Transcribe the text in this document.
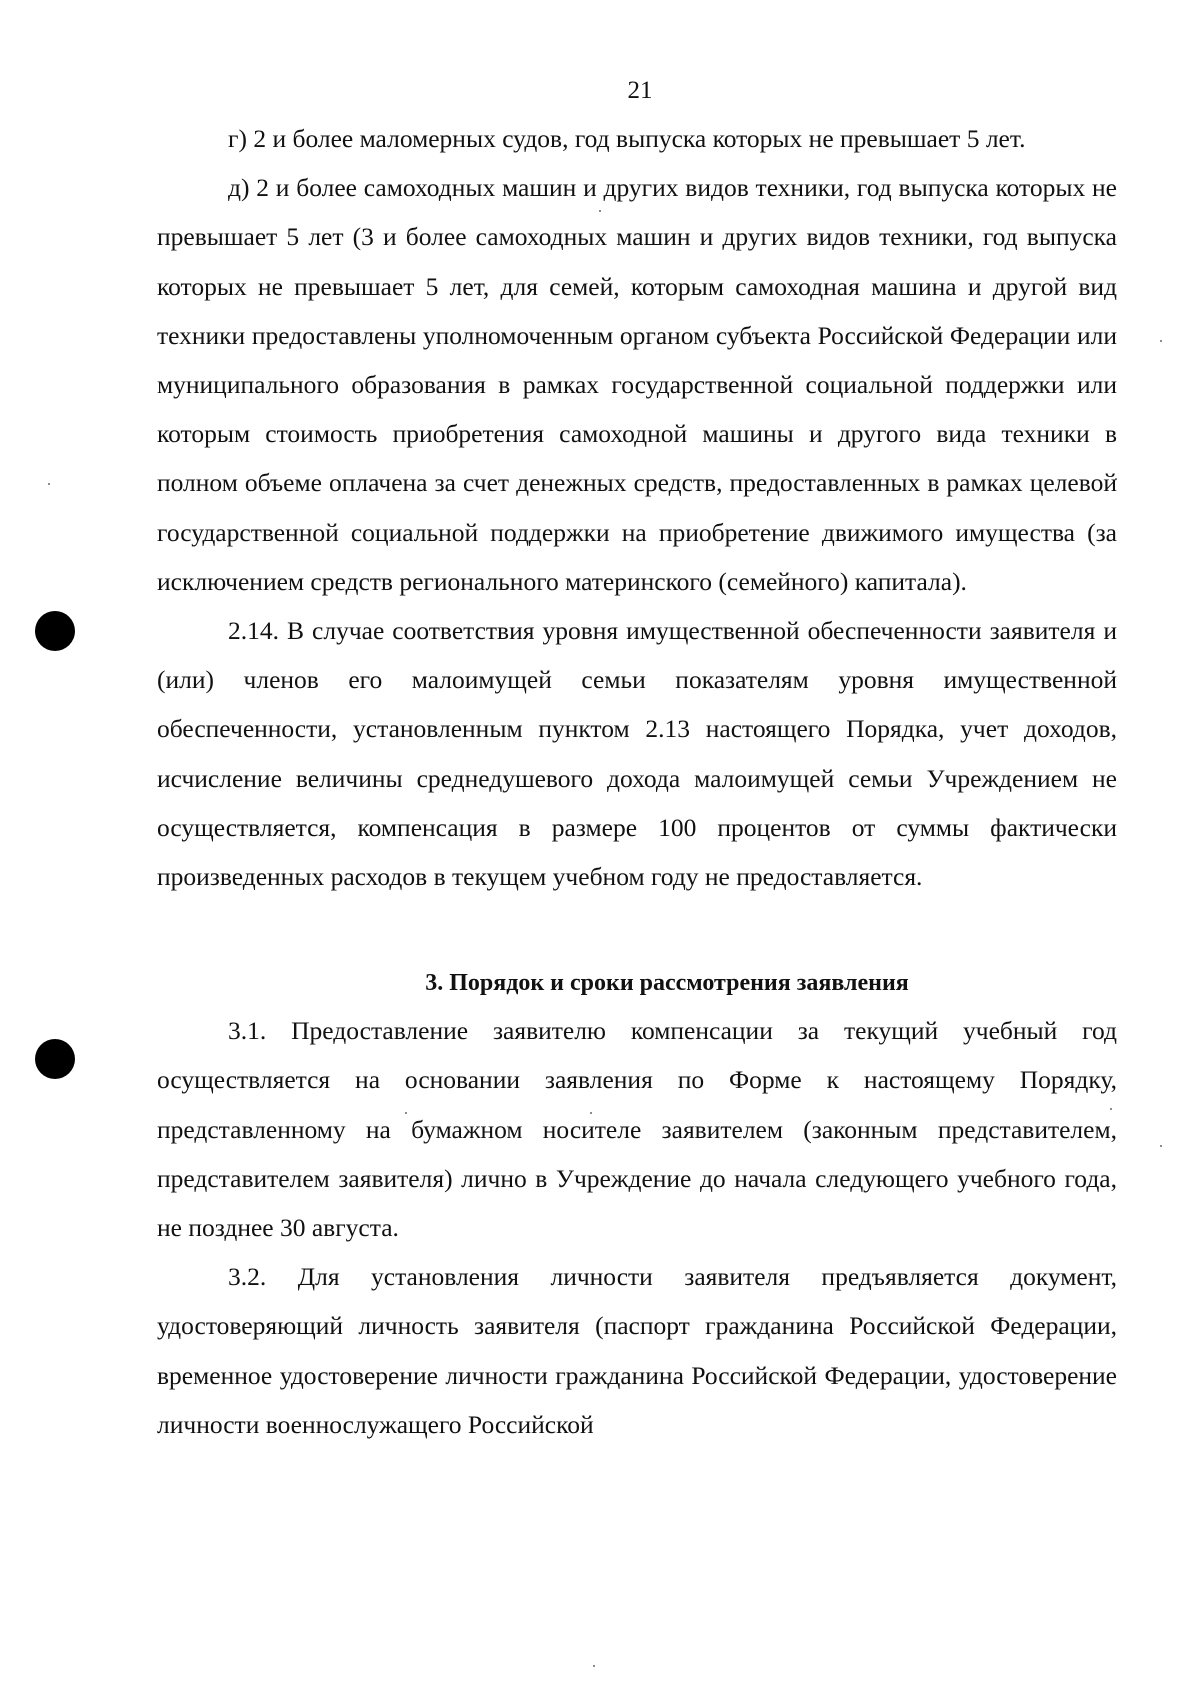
21

г) 2 и более маломерных судов, год выпуска которых не превышает 5 лет.

д) 2 и более самоходных машин и других видов техники, год выпуска которых не превышает 5 лет (3 и более самоходных машин и других видов техники, год выпуска которых не превышает 5 лет, для семей, которым самоходная машина и другой вид техники предоставлены уполномоченным органом субъекта Российской Федерации или муниципального образования в рамках государственной социальной поддержки или которым стоимость приобретения самоходной машины и другого вида техники в полном объеме оплачена за счет денежных средств, предоставленных в рамках целевой государственной социальной поддержки на приобретение движимого имущества (за исключением средств регионального материнского (семейного) капитала).

2.14. В случае соответствия уровня имущественной обеспеченности заявителя и (или) членов его малоимущей семьи показателям уровня имущественной обеспеченности, установленным пунктом 2.13 настоящего Порядка, учет доходов, исчисление величины среднедушевого дохода малоимущей семьи Учреждением не осуществляется, компенсация в размере 100 процентов от суммы фактически произведенных расходов в текущем учебном году не предоставляется.

3. Порядок и сроки рассмотрения заявления

3.1. Предоставление заявителю компенсации за текущий учебный год осуществляется на основании заявления по Форме к настоящему Порядку, представленному на бумажном носителе заявителем (законным представителем, представителем заявителя) лично в Учреждение до начала следующего учебного года, не позднее 30 августа.

3.2. Для установления личности заявителя предъявляется документ, удостоверяющий личность заявителя (паспорт гражданина Российской Федерации, временное удостоверение личности гражданина Российской Федерации, удостоверение личности военнослужащего Российской
